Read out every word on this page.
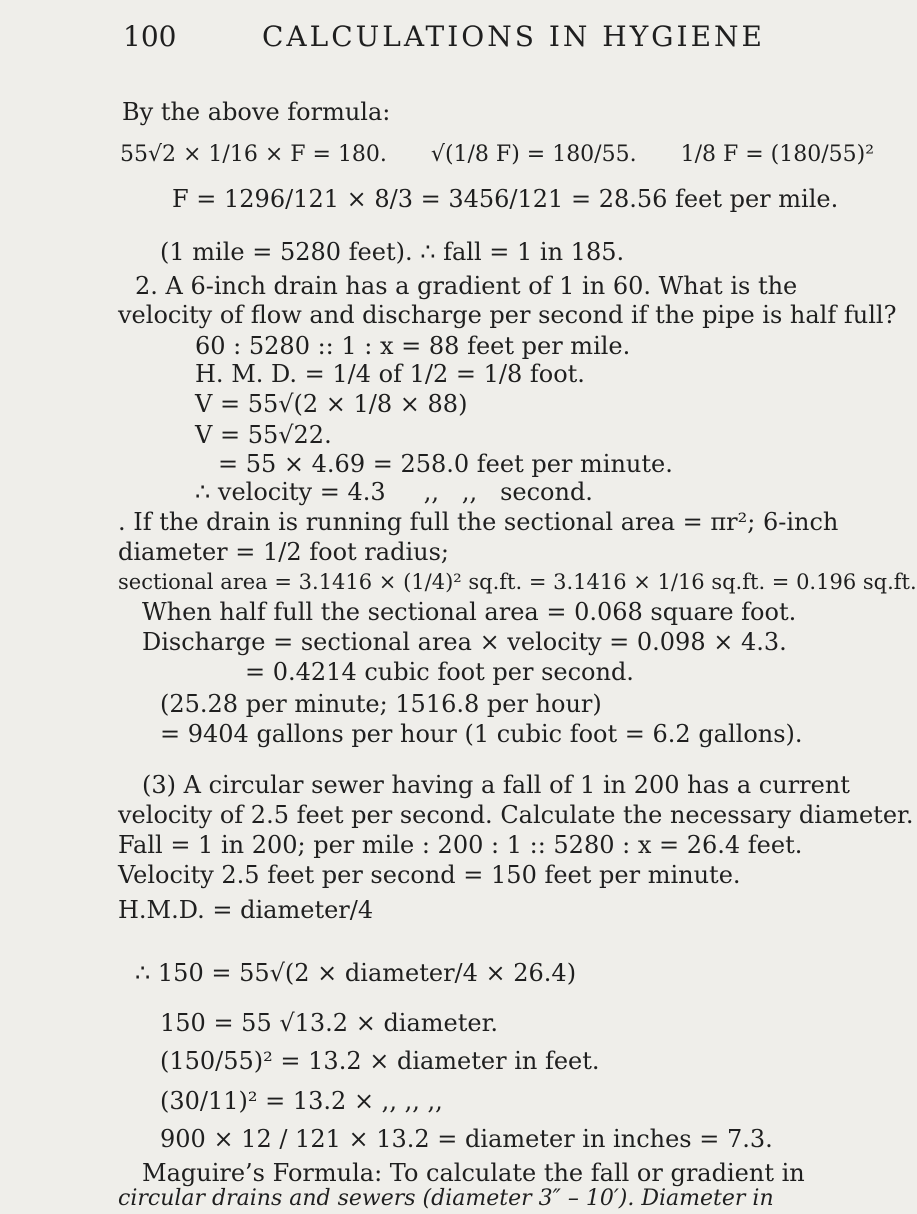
100	CALCULATIONS IN HYGIENE
By the above formula:
55√2 × 1/16 × F = 180. √(1/8 F) = 180/55. 1/8 F = (180/55)²
F = 1296/121 × 8/3 = 3456/121 = 28.56 feet per mile.
(1 mile = 5280 feet). ∴ fall = 1 in 185.
2. A 6-inch drain has a gradient of 1 in 60. What is the
velocity of flow and discharge per second if the pipe is half full?
60 : 5280 :: 1 : x = 88 feet per mile.
H. M. D. = 1/4 of 1/2 = 1/8 foot.
V = 55√(2 × 1/8 × 88)
V = 55√22.
= 55 × 4.69 = 258.0 feet per minute.
∴ velocity = 4.3     ,,   ,,   second.
. If the drain is running full the sectional area = πr²; 6-inch
diameter = 1/2 foot radius;
sectional area = 3.1416 × (1/4)² sq.ft. = 3.1416 × 1/16 sq.ft. = 0.196 sq.ft.
When half full the sectional area = 0.068 square foot.
Discharge = sectional area × velocity = 0.098 × 4.3.
= 0.4214 cubic foot per second.
(25.28 per minute; 1516.8 per hour)
= 9404 gallons per hour (1 cubic foot = 6.2 gallons).
(3) A circular sewer having a fall of 1 in 200 has a current
velocity of 2.5 feet per second. Calculate the necessary diameter.
Fall = 1 in 200; per mile : 200 : 1 :: 5280 : x = 26.4 feet.
Velocity 2.5 feet per second = 150 feet per minute.
H.M.D. = diameter/4
∴ 150 = 55√(2 × diameter/4 × 26.4)
150 = 55 √13.2 × diameter.
(150/55)² = 13.2 × diameter in feet.
(30/11)² = 13.2 × ,, ,, ,,
900 × 12 / 121 × 13.2 = diameter in inches = 7.3.
Maguire’s Formula: To calculate the fall or gradient in
circular drains and sewers (diameter 3″ – 10′). Diameter in
